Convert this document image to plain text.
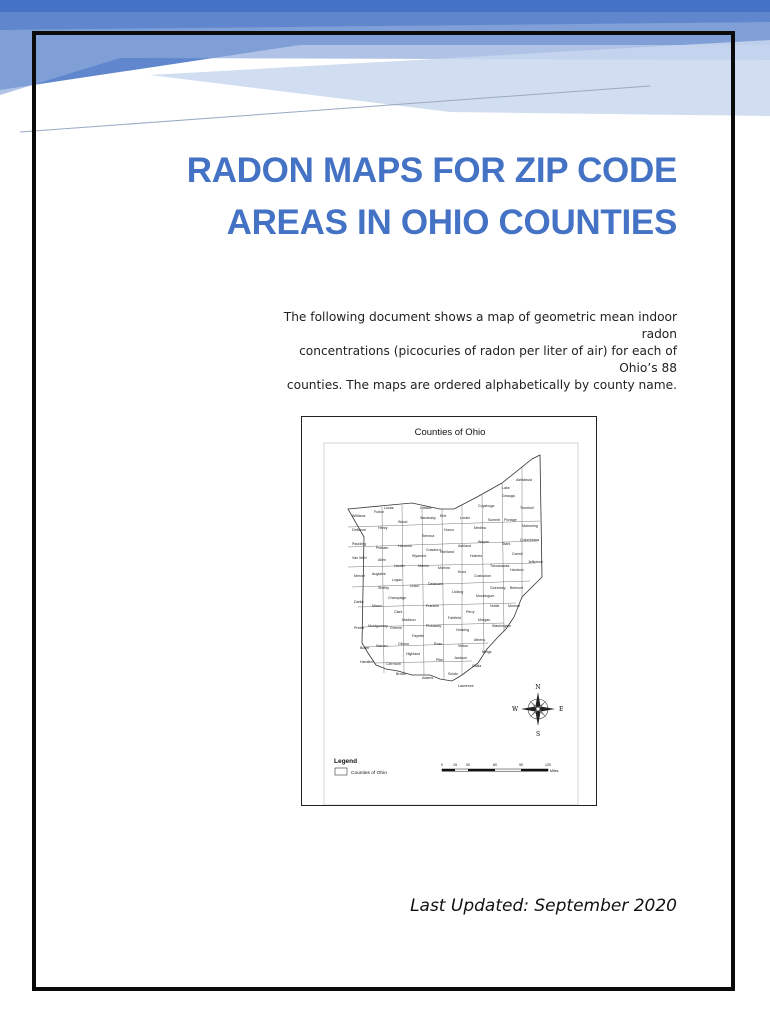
RADON MAPS FOR ZIP CODE
AREAS IN OHIO COUNTIES
The following document shows a map of geometric mean indoor radon
concentrations (picocuries of radon per liter of air) for each of Ohio’s 88
counties. The maps are ordered alphabetically by county name.
Counties of Ohio
Lake
Ashtabula
Geauga
Trumbull
Cuyahoga
Portage
Mahoning
Lucas	Ottawa
Fulton
Williams
Wood
Sandusky Erie	Lorain	Summit
Medina
Henry
Defiance	Huron
Seneca
Wayne	Stark
Columbiana
Paulding
Putnam	Hancock
Crawford Richland
Ashland
Carroll
Van Wert	Allen
Wyandot
Hardin	Marion
Holmes
Tuscarawas
Jefferson
Harrison
Mercer Auglaize
Morrow
Knox
Coshocton
Logan
Union Delaware
Shelby	Guernsey Belmont
Licking
Muskingum
Champaign
Darke
Miami
Clark
Franklin	Noble Monroe
Perry
Madison	Fairfield	Morgan
Preble Montgomery Greene	Pickaway	Washington
Fayette
Hocking
Athens
Butler Warren	Clinton	Ross	Vinton
Meigs
Hamilton
Highland
Jackson
Pike
Gallia
Clermont
Brown
Adams
Scioto
Lawrence	N
S
E
W
Legend
Counties of Ohio
0	15	30	60	90	120
Miles
Last Updated: September 2020
